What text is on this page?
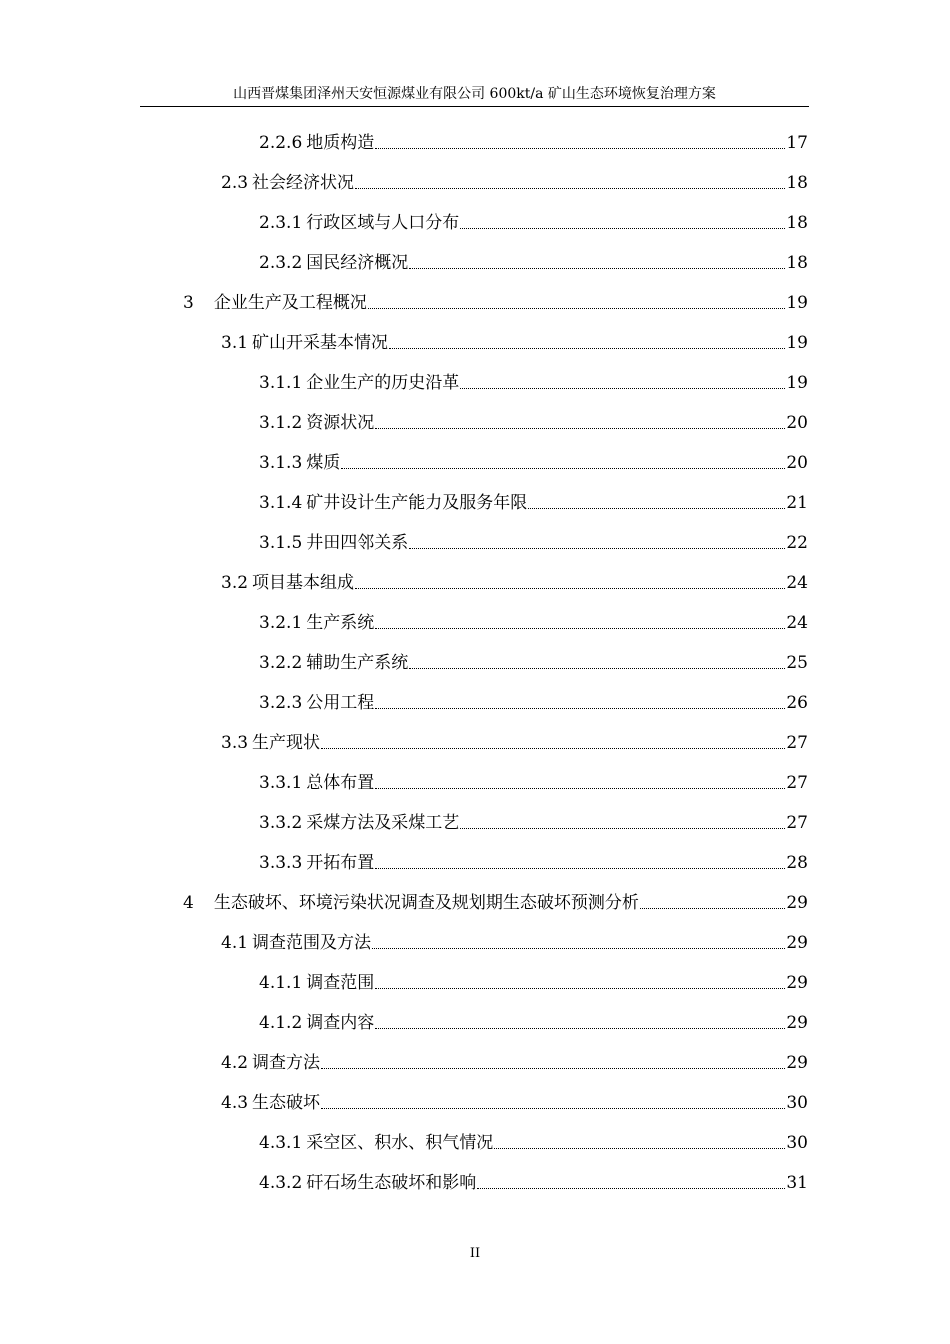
山西晋煤集团泽州天安恒源煤业有限公司 600kt/a 矿山生态环境恢复治理方案
2.2.6 地质构造	17
2.3 社会经济状况	18
2.3.1 行政区域与人口分布	18
2.3.2 国民经济概况	18
3 企业生产及工程概况	19
3.1 矿山开采基本情况	19
3.1.1 企业生产的历史沿革	19
3.1.2 资源状况	20
3.1.3 煤质	20
3.1.4 矿井设计生产能力及服务年限	21
3.1.5 井田四邻关系	22
3.2 项目基本组成	24
3.2.1 生产系统	24
3.2.2 辅助生产系统	25
3.2.3 公用工程	26
3.3 生产现状	27
3.3.1 总体布置	27
3.3.2 采煤方法及采煤工艺	27
3.3.3 开拓布置	28
4 生态破坏、环境污染状况调查及规划期生态破坏预测分析	29
4.1 调查范围及方法	29
4.1.1 调查范围	29
4.1.2 调查内容	29
4.2 调查方法	29
4.3 生态破坏	30
4.3.1 采空区、积水、积气情况	30
4.3.2 矸石场生态破坏和影响	31
II
